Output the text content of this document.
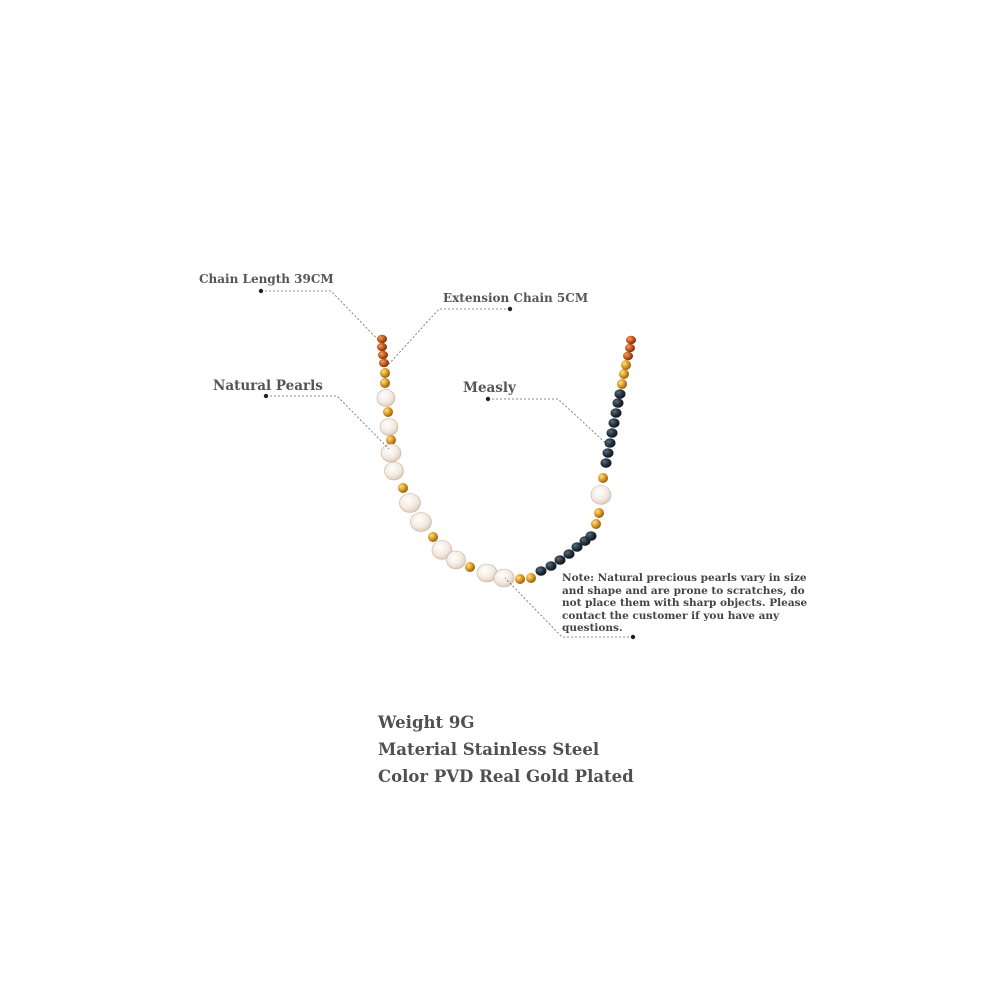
Chain Length 39CM
Extension Chain 5CM
Natural Pearls	Measly
Note: Natural precious pearls vary in size and shape and are prone to scratches, do not place them with sharp objects. Please contact the customer if you have any questions.
Weight 9G
Material Stainless Steel
Color PVD Real Gold Plated
